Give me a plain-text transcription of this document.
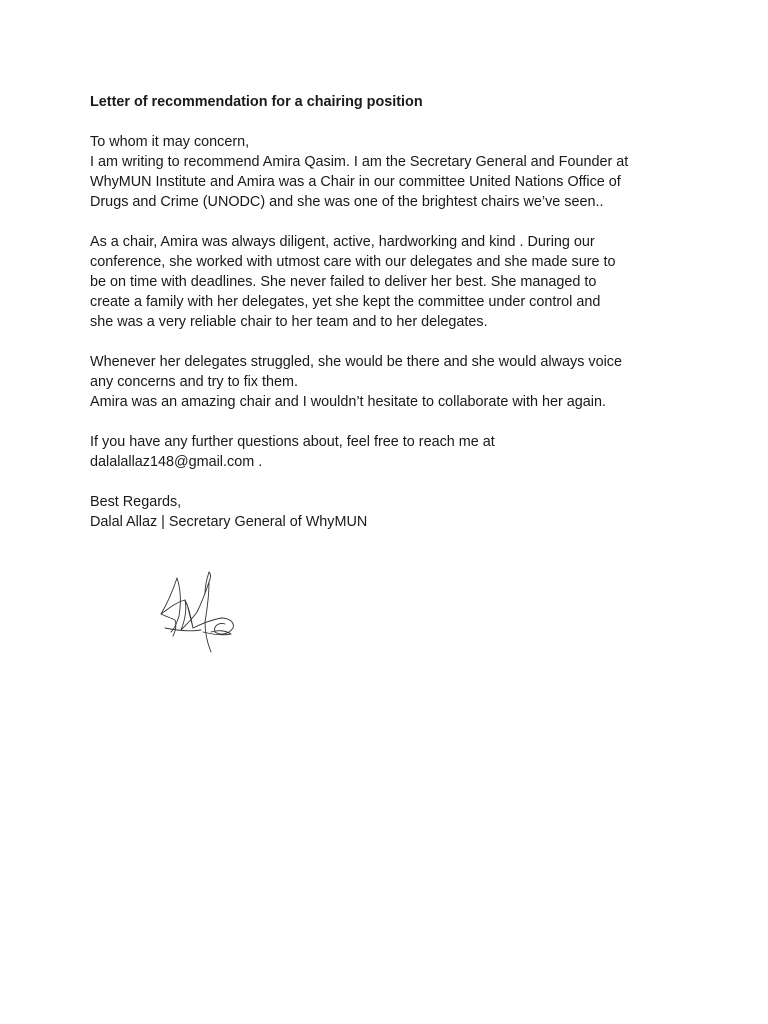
Letter of recommendation for a chairing position
To whom it may concern,
I am writing to recommend Amira Qasim. I am the Secretary General and Founder at
WhyMUN Institute and Amira was a Chair in our committee United Nations Office of
Drugs and Crime (UNODC) and she was one of the brightest chairs we’ve seen..
As a chair, Amira was always diligent, active, hardworking and kind . During our
conference, she worked with utmost care with our delegates and she made sure to
be on time with deadlines. She never failed to deliver her best. She managed to
create a family with her delegates, yet she kept the committee under control and
she was a very reliable chair to her team and to her delegates.
Whenever her delegates struggled, she would be there and she would always voice
any concerns and try to fix them.
Amira was an amazing chair and I wouldn’t hesitate to collaborate with her again.
If you have any further questions about, feel free to reach me at
dalalallaz148@gmail.com .
Best Regards,
Dalal Allaz | Secretary General of WhyMUN
